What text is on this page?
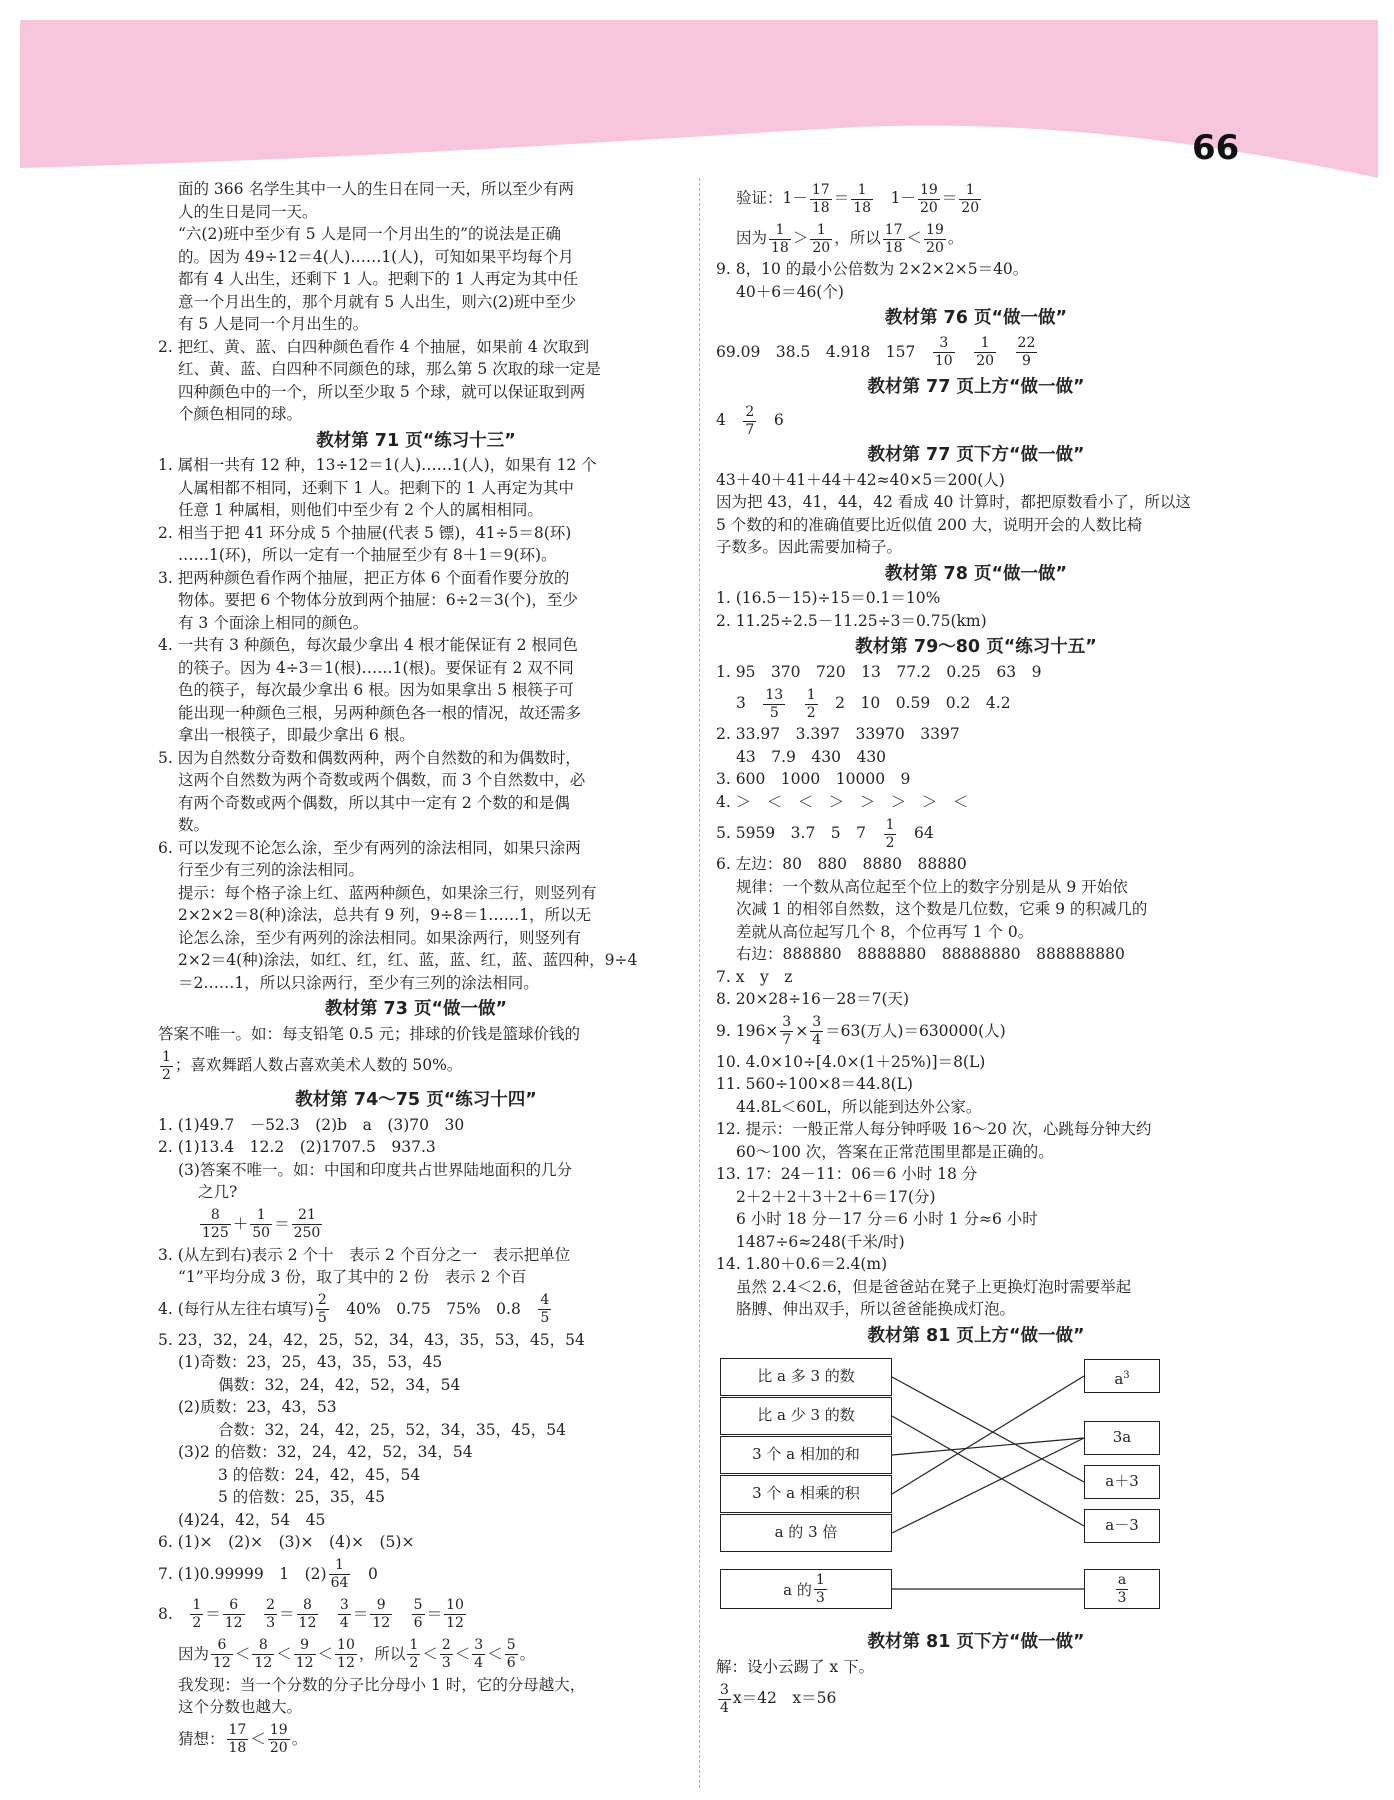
66

面的 366 名学生其中一人的生日在同一天，所以至少有两

人的生日是同一天。

“六(2)班中至少有 5 人是同一个月出生的”的说法是正确

的。因为 49÷12＝4(人)……1(人)，可知如果平均每个月

都有 4 人出生，还剩下 1 人。把剩下的 1 人再定为其中任

意一个月出生的，那个月就有 5 人出生，则六(2)班中至少

有 5 人是同一个月出生的。

2. 把红、黄、蓝、白四种颜色看作 4 个抽屉，如果前 4 次取到

红、黄、蓝、白四种不同颜色的球，那么第 5 次取的球一定是

四种颜色中的一个，所以至少取 5 个球，就可以保证取到两

个颜色相同的球。

教材第 71 页“练习十三”

1. 属相一共有 12 种，13÷12＝1(人)……1(人)，如果有 12 个

人属相都不相同，还剩下 1 人。把剩下的 1 人再定为其中

任意 1 种属相，则他们中至少有 2 个人的属相相同。

2. 相当于把 41 环分成 5 个抽屉(代表 5 镖)，41÷5＝8(环)

……1(环)，所以一定有一个抽屉至少有 8＋1＝9(环)。

3. 把两种颜色看作两个抽屉，把正方体 6 个面看作要分放的

物体。要把 6 个物体分放到两个抽屉：6÷2＝3(个)，至少

有 3 个面涂上相同的颜色。

4. 一共有 3 种颜色，每次最少拿出 4 根才能保证有 2 根同色

的筷子。因为 4÷3＝1(根)……1(根)。要保证有 2 双不同

色的筷子，每次最少拿出 6 根。因为如果拿出 5 根筷子可

能出现一种颜色三根，另两种颜色各一根的情况，故还需多

拿出一根筷子，即最少拿出 6 根。

5. 因为自然数分奇数和偶数两种，两个自然数的和为偶数时，

这两个自然数为两个奇数或两个偶数，而 3 个自然数中，必

有两个奇数或两个偶数，所以其中一定有 2 个数的和是偶

数。

6. 可以发现不论怎么涂，至少有两列的涂法相同，如果只涂两

行至少有三列的涂法相同。

提示：每个格子涂上红、蓝两种颜色，如果涂三行，则竖列有

2×2×2＝8(种)涂法，总共有 9 列，9÷8＝1……1，所以无

论怎么涂，至少有两列的涂法相同。如果涂两行，则竖列有

2×2＝4(种)涂法，如红、红，红、蓝，蓝、红，蓝、蓝四种，9÷4

＝2……1，所以只涂两行，至少有三列的涂法相同。

教材第 73 页“做一做”

答案不唯一。如：每支铅笔 0.5 元；排球的价钱是篮球价钱的

$\frac{1}{2}$ ；喜欢舞蹈人数占喜欢美术人数的 50%。

教材第 74～75 页“练习十四”

1. (1)49.7　－52.3　(2)b　a　(3)70　30

2. (1)13.4　12.2　(2)1707.5　937.3

(3)答案不唯一。如：中国和印度共占世界陆地面积的几分

之几?

$\frac{8}{125} + \frac{1}{50} = \frac{21}{250}$

3. (从左到右)表示 2 个十　表示 2 个百分之一　表示把单位

“1”平均分成 3 份，取了其中的 2 份　表示 2 个百

4. (每行从左往右填写) $\frac{2}{5}$
　 40%　0.75　75%　0.8　 $\frac{4}{5}$

5. 23，32，24，42，25，52，34，43，35，53，45，54

(1)奇数：23，25，43，35，53，45

偶数：32，24，42，52，34，54

(2)质数：23，43，53

合数：32，24，42，25，52，34，35，45，54

(3)2 的倍数：32，24，42，52，34，54

3 的倍数：24，42，45，54

5 的倍数：25，35，45

(4)24，42，54　45

6. (1)×　(2)×　(3)×　(4)×　(5)×

7. (1)0.99999　1　$(2) \frac{1}{64}$
　 0

8.　 $\frac{1}{2} = \frac{6}{12}$
　 $\frac{2}{3} = \frac{8}{12}$
　 $\frac{3}{4} = \frac{9}{12}$
　 $\frac{5}{6} = \frac{10}{12}$

因为 $\frac{6}{12} < \frac{8}{12} < \frac{9}{12} < \frac{10}{12}$ ，所以 $\frac{1}{2} < \frac{2}{3} < \frac{3}{4} < \frac{5}{6}$ 。

我发现：当一个分数的分子比分母小 1 时，它的分母越大，

这个分数也越大。

猜想： $\frac{17}{18} < \frac{19}{20}$ 。

验证：$1- \frac{17}{18} = \frac{1}{18}$
　 $1- \frac{19}{20} = \frac{1}{20}$

因为 $\frac{1}{18} > \frac{1}{20}$ ，所以 $\frac{17}{18} < \frac{19}{20}$ 。

9. 8，10 的最小公倍数为 2×2×2×5＝40。

40＋6＝46(个)

教材第 76 页“做一做”

69.09　38.5　4.918　157　 $\frac{3}{10}$
　 $\frac{1}{20}$
　 $\frac{22}{9}$

教材第 77 页上方“做一做”

4　 $\frac{2}{7}$
　 6

教材第 77 页下方“做一做”

43＋40＋41＋44＋42≈40×5＝200(人)

因为把 43，41，44，42 看成 40 计算时，都把原数看小了，所以这

5 个数的和的准确值要比近似值 200 大，说明开会的人数比椅

子数多。因此需要加椅子。

教材第 78 页“做一做”

1. (16.5－15)÷15＝0.1＝10%

2. 11.25÷2.5－11.25÷3＝0.75(km)

教材第 79～80 页“练习十五”

1. 95　370　720　13　77.2　0.25　63　9

3　 $\frac{13}{5}$
　 $\frac{1}{2}$
　 2　10　0.59　0.2　4.2

2. 33.97　3.397　33970　3397

43　7.9　430　430

3. 600　1000　10000　9

4. ＞　＜　＜　＞　＞　＞　＞　＜

5. 5959　3.7　5　7　 $\frac{1}{2}$
　 64

6. 左边：80　880　8880　88880

规律：一个数从高位起至个位上的数字分别是从 9 开始依

次减 1 的相邻自然数，这个数是几位数，它乘 9 的积减几的

差就从高位起写几个 8，个位再写 1 个 0。

右边：888880　8888880　88888880　888888880

7. x　y　z

8. 20×28÷16－28＝7(天)

9. $196\times \frac{3}{7} \times \frac{3}{4} =63$(万人)＝630000(人)

10. 4.0×10÷[4.0×(1＋25%)]＝8(L)

11. 560÷100×8＝44.8(L)

44.8L＜60L，所以能到达外公家。

12. 提示：一般正常人每分钟呼吸 16～20 次，心跳每分钟大约

60～100 次，答案在正常范围里都是正确的。

13. 17：24－11：06＝6 小时 18 分

2＋2＋2＋3＋2＋6＝17(分)

6 小时 18 分－17 分＝6 小时 1 分≈6 小时

1487÷6≈248(千米/时)

14. 1.80＋0.6＝2.4(m)

虽然 2.4＜2.6，但是爸爸站在凳子上更换灯泡时需要举起

胳膊、伸出双手，所以爸爸能换成灯泡。

教材第 81 页上方“做一做”
比 a 多 3 的数
比 a 少 3 的数
3 个 a 相加的和
3 个 a 相乘的积
a 的 3 倍
a 的
1
3
$a^3$
3a
a＋3
a－3
a
3
教材第 81 页下方“做一做”

解：设小云踢了 x 下。

$\frac{3}{4} x=42$　x＝56
